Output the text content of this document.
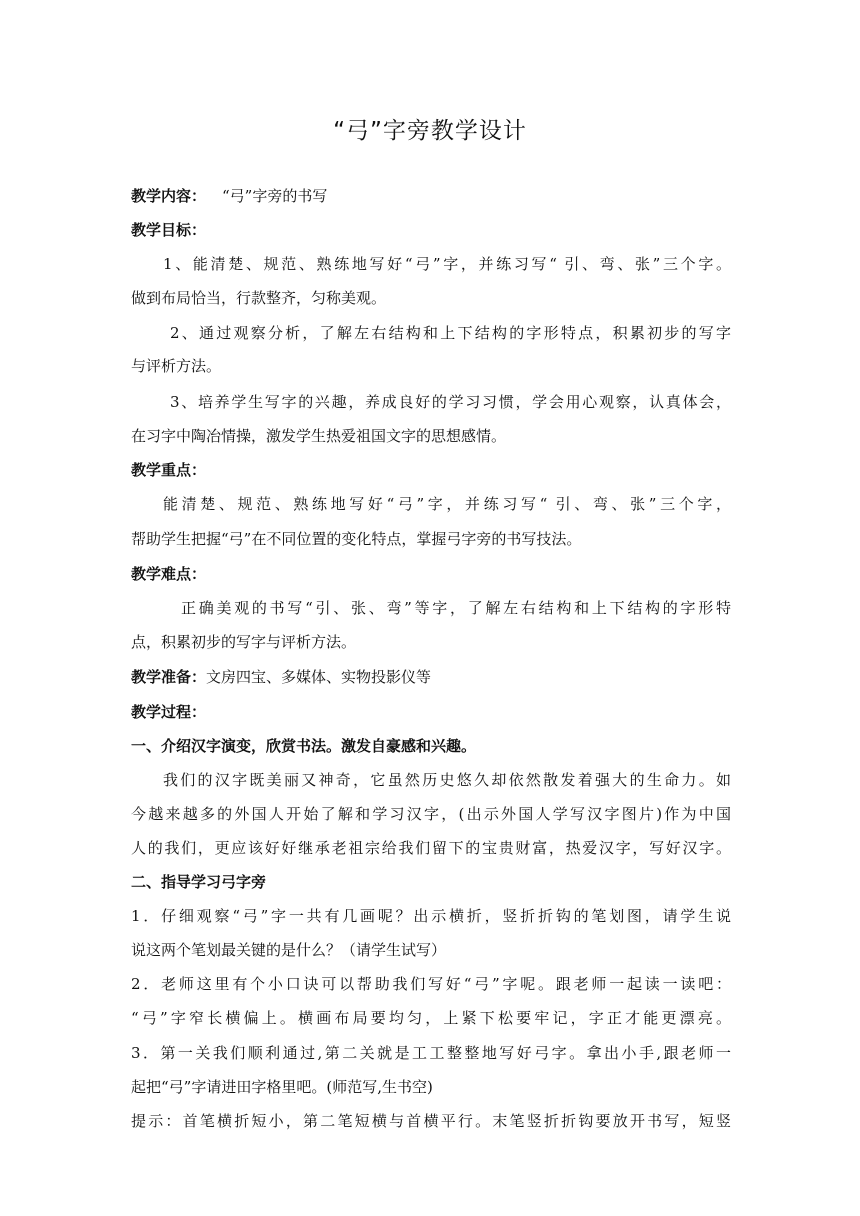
“弓”字旁教学设计
教学内容： “弓”字旁的书写
教学目标：
1、能清楚、规范、熟练地写好“弓”字，并练习写“ 引、弯、张”三个字。
做到布局恰当，行款整齐，匀称美观。
2、通过观察分析，了解左右结构和上下结构的字形特点，积累初步的写字
与评析方法。
3、培养学生写字的兴趣，养成良好的学习习惯，学会用心观察，认真体会，
在习字中陶冶情操，激发学生热爱祖国文字的思想感情。
教学重点：
能清楚、规范、熟练地写好“弓”字，并练习写“ 引、弯、张”三个字，
帮助学生把握“弓”在不同位置的变化特点，掌握弓字旁的书写技法。
教学难点：
正确美观的书写“引、张、弯”等字，了解左右结构和上下结构的字形特
点，积累初步的写字与评析方法。
教学准备：文房四宝、多媒体、实物投影仪等
教学过程：
一、介绍汉字演变，欣赏书法。激发自豪感和兴趣。
我们的汉字既美丽又神奇，它虽然历史悠久却依然散发着强大的生命力。如
今越来越多的外国人开始了解和学习汉字，(出示外国人学写汉字图片)作为中国
人的我们，更应该好好继承老祖宗给我们留下的宝贵财富，热爱汉字，写好汉字。
二、指导学习弓字旁
1．仔细观察“弓”字一共有几画呢？出示横折，竖折折钩的笔划图，请学生说
说这两个笔划最关键的是什么？（请学生试写）
2．老师这里有个小口诀可以帮助我们写好“弓”字呢。跟老师一起读一读吧：
“弓”字窄长横偏上。横画布局要均匀，上紧下松要牢记，字正才能更漂亮。
3．第一关我们顺利通过,第二关就是工工整整地写好弓字。拿出小手,跟老师一
起把“弓”字请进田字格里吧。(师范写,生书空)
提示：首笔横折短小，第二笔短横与首横平行。末笔竖折折钩要放开书写，短竖
